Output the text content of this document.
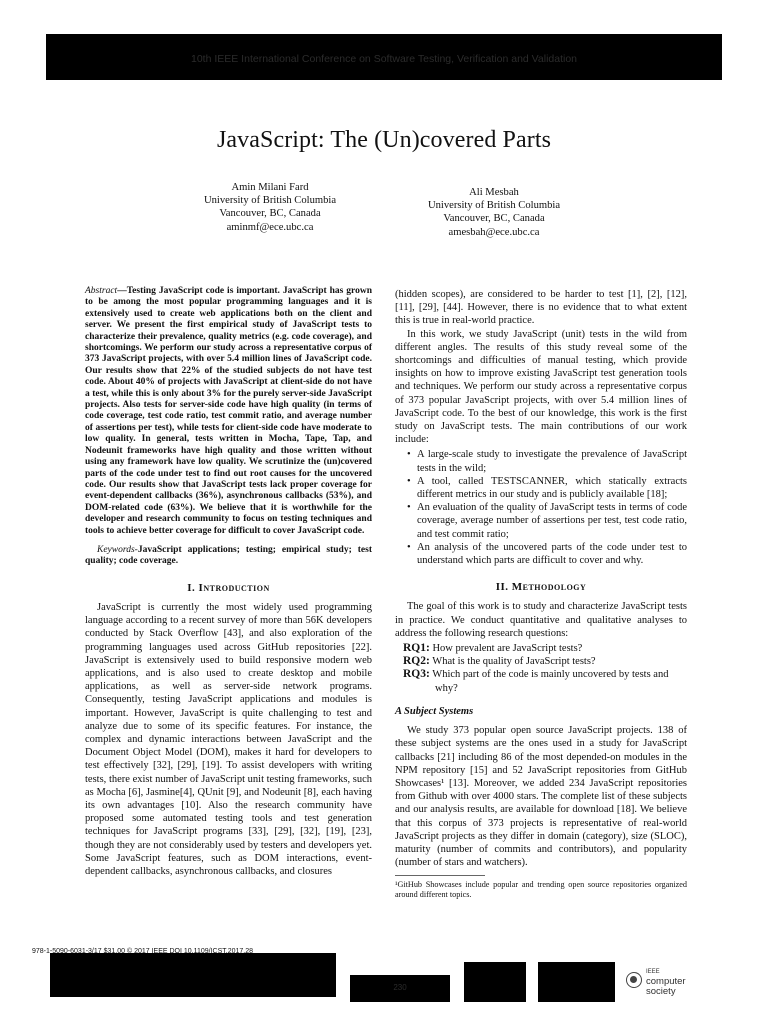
10th IEEE International Conference on Software Testing, Verification and Validation
JavaScript: The (Un)covered Parts
Amin Milani Fard
University of British Columbia
Vancouver, BC, Canada
aminmf@ece.ubc.ca
Ali Mesbah
University of British Columbia
Vancouver, BC, Canada
amesbah@ece.ubc.ca

Abstract—Testing JavaScript code is important. JavaScript has grown to be among the most popular programming languages and it is extensively used to create web applications both on the client and server. We present the first empirical study of JavaScript tests to characterize their prevalence, quality metrics (e.g. code coverage), and shortcomings. We perform our study across a representative corpus of 373 JavaScript projects, with over 5.4 million lines of JavaScript code. Our results show that 22% of the studied subjects do not have test code. About 40% of projects with JavaScript at client-side do not have a test, while this is only about 3% for the purely server-side JavaScript projects. Also tests for server-side code have high quality (in terms of code coverage, test code ratio, test commit ratio, and average number of assertions per test), while tests for client-side code have moderate to low quality. In general, tests written in Mocha, Tape, Tap, and Nodeunit frameworks have high quality and those written without using any framework have low quality. We scrutinize the (un)covered parts of the code under test to find out root causes for the uncovered code. Our results show that JavaScript tests lack proper coverage for event-dependent callbacks (36%), asynchronous callbacks (53%), and DOM-related code (63%). We believe that it is worthwhile for the developer and research community to focus on testing techniques and tools to achieve better coverage for difficult to cover JavaScript code.

Keywords-JavaScript applications; testing; empirical study; test quality; code coverage.

I. Introduction

JavaScript is currently the most widely used programming language according to a recent survey of more than 56K developers conducted by Stack Overflow [43], and also exploration of the programming languages used across GitHub repositories [22]. JavaScript is extensively used to build responsive modern web applications, and is also used to create desktop and mobile applications, as well as server-side network programs. Consequently, testing JavaScript applications and modules is important. However, JavaScript is quite challenging to test and analyze due to some of its specific features. For instance, the complex and dynamic interactions between JavaScript and the Document Object Model (DOM), makes it hard for developers to test effectively [32], [29], [19]. To assist developers with writing tests, there exist number of JavaScript unit testing frameworks, such as Mocha [6], Jasmine[4], QUnit [9], and Nodeunit [8], each having its own advantages [10]. Also the research community have proposed some automated testing tools and test generation techniques for JavaScript programs [33], [29], [32], [19], [23], though they are not considerably used by testers and developers yet. Some JavaScript features, such as DOM interactions, event- dependent callbacks, asynchronous callbacks, and closures

(hidden scopes), are considered to be harder to test [1], [2], [12], [11], [29], [44]. However, there is no evidence that to what extent this is true in real-world practice.

In this work, we study JavaScript (unit) tests in the wild from different angles. The results of this study reveal some of the shortcomings and difficulties of manual testing, which provide insights on how to improve existing JavaScript test generation tools and techniques. We perform our study across a representative corpus of 373 popular JavaScript projects, with over 5.4 million lines of JavaScript code. To the best of our knowledge, this work is the first study on JavaScript tests. The main contributions of our work include:

• A large-scale study to investigate the prevalence of JavaScript tests in the wild;
• A tool, called TESTSCANNER, which statically extracts different metrics in our study and is publicly available [18];
• An evaluation of the quality of JavaScript tests in terms of code coverage, average number of assertions per test, test code ratio, and test commit ratio;
• An analysis of the uncovered parts of the code under test to understand which parts are difficult to cover and why.
II. Methodology

The goal of this work is to study and characterize JavaScript tests in practice. We conduct quantitative and qualitative analyses to address the following research questions:

RQ1: How prevalent are JavaScript tests?
RQ2: What is the quality of JavaScript tests?
RQ3: Which part of the code is mainly uncovered by tests and why?
A Subject Systems

We study 373 popular open source JavaScript projects. 138 of these subject systems are the ones used in a study for JavaScript callbacks [21] including 86 of the most depended-on modules in the NPM repository [15] and 52 JavaScript repositories from GitHub Showcases¹ [13]. Moreover, we added 234 JavaScript repositories from Github with over 4000 stars. The complete list of these subjects and our analysis results, are available for download [18]. We believe that this corpus of 373 projects is representative of real-world JavaScript projects as they differ in domain (category), size (SLOC), maturity (number of commits and contributors), and popularity (number of stars and watchers).

¹GitHub Showcases include popular and trending open source repositories organized around different topics.

978-1-5090-6031-3/17 $31.00 © 2017 IEEE DOI 10.1109/ICST.2017.28
230
IEEE
computer
society
